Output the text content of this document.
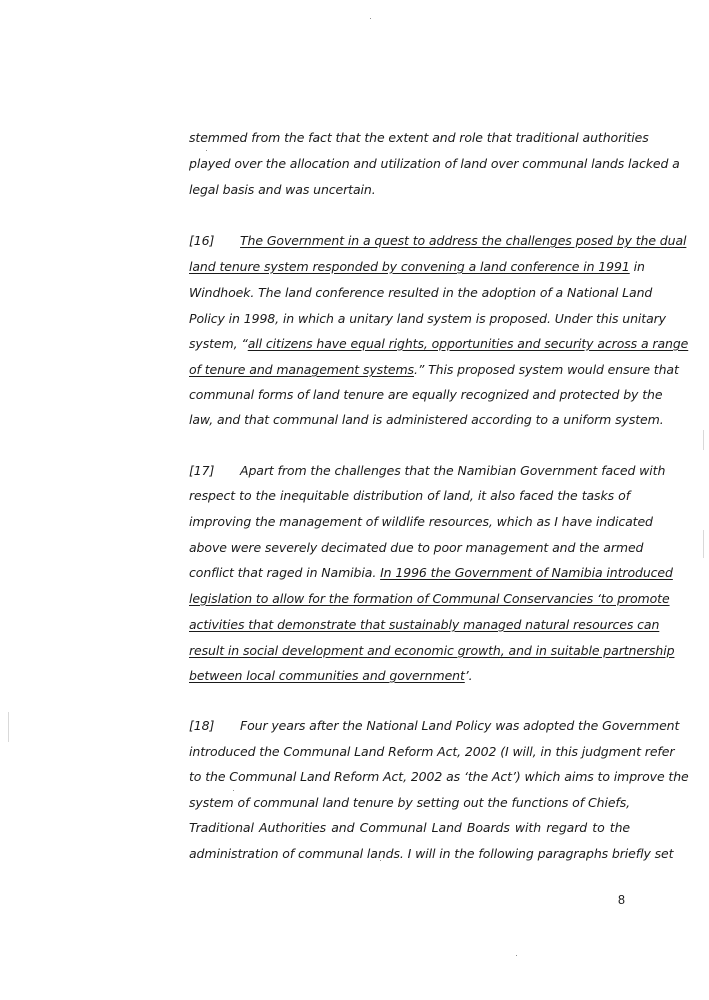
stemmed from the fact that the extent and role that traditional authorities
played over the allocation and utilization of land over communal lands lacked a
legal basis and was uncertain.
[16] The Government in a quest to address the challenges posed by the dual
land tenure system responded by convening a land conference in 1991 in
Windhoek. The land conference resulted in the adoption of a National Land
Policy in 1998, in which a unitary land system is proposed. Under this unitary
system, “all citizens have equal rights, opportunities and security across a range
of tenure and management systems.” This proposed system would ensure that
communal forms of land tenure are equally recognized and protected by the
law, and that communal land is administered according to a uniform system.
[17] Apart from the challenges that the Namibian Government faced with
respect to the inequitable distribution of land, it also faced the tasks of
improving the management of wildlife resources, which as I have indicated
above were severely decimated due to poor management and the armed
conflict that raged in Namibia. In 1996 the Government of Namibia introduced
legislation to allow for the formation of Communal Conservancies ‘to promote
activities that demonstrate that sustainably managed natural resources can
result in social development and economic growth, and in suitable partnership
between local communities and government’.
[18] Four years after the National Land Policy was adopted the Government
introduced the Communal Land Reform Act, 2002 (I will, in this judgment refer
to the Communal Land Reform Act, 2002 as ‘the Act’) which aims to improve the
system of communal land tenure by setting out the functions of Chiefs,
Traditional Authorities and Communal Land Boards with regard to the
administration of communal lands. I will in the following paragraphs briefly set
8
